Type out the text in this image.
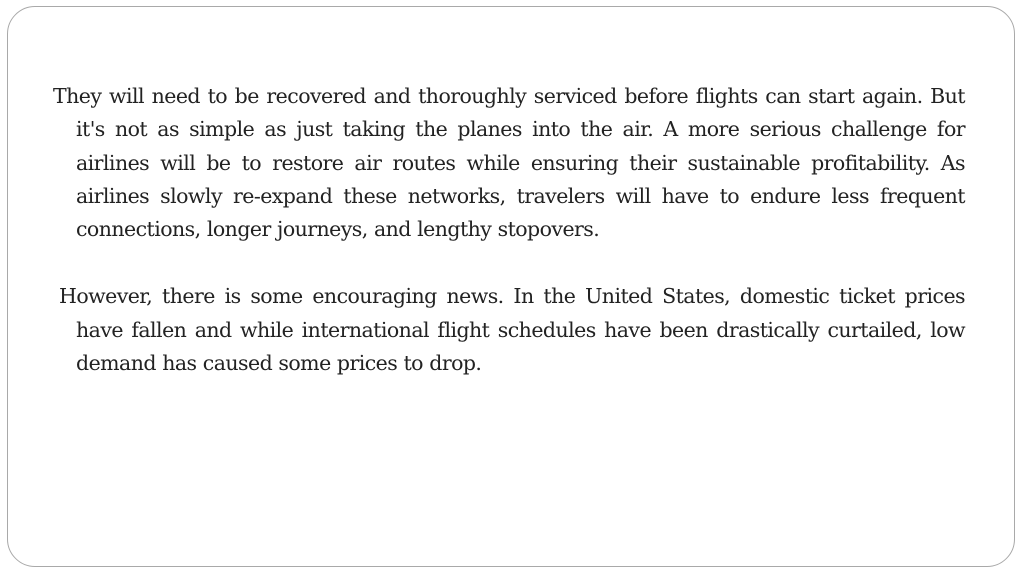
They will need to be recovered and thoroughly serviced before flights can start again. But it's not as simple as just taking the planes into the air. A more serious challenge for airlines will be to restore air routes while ensuring their sustainable profitability. As airlines slowly re-expand these networks, travelers will have to endure less frequent connections, longer journeys, and lengthy stopovers.

However, there is some encouraging news. In the United States, domestic ticket prices have fallen and while international flight schedules have been drastically curtailed, low demand has caused some prices to drop.
